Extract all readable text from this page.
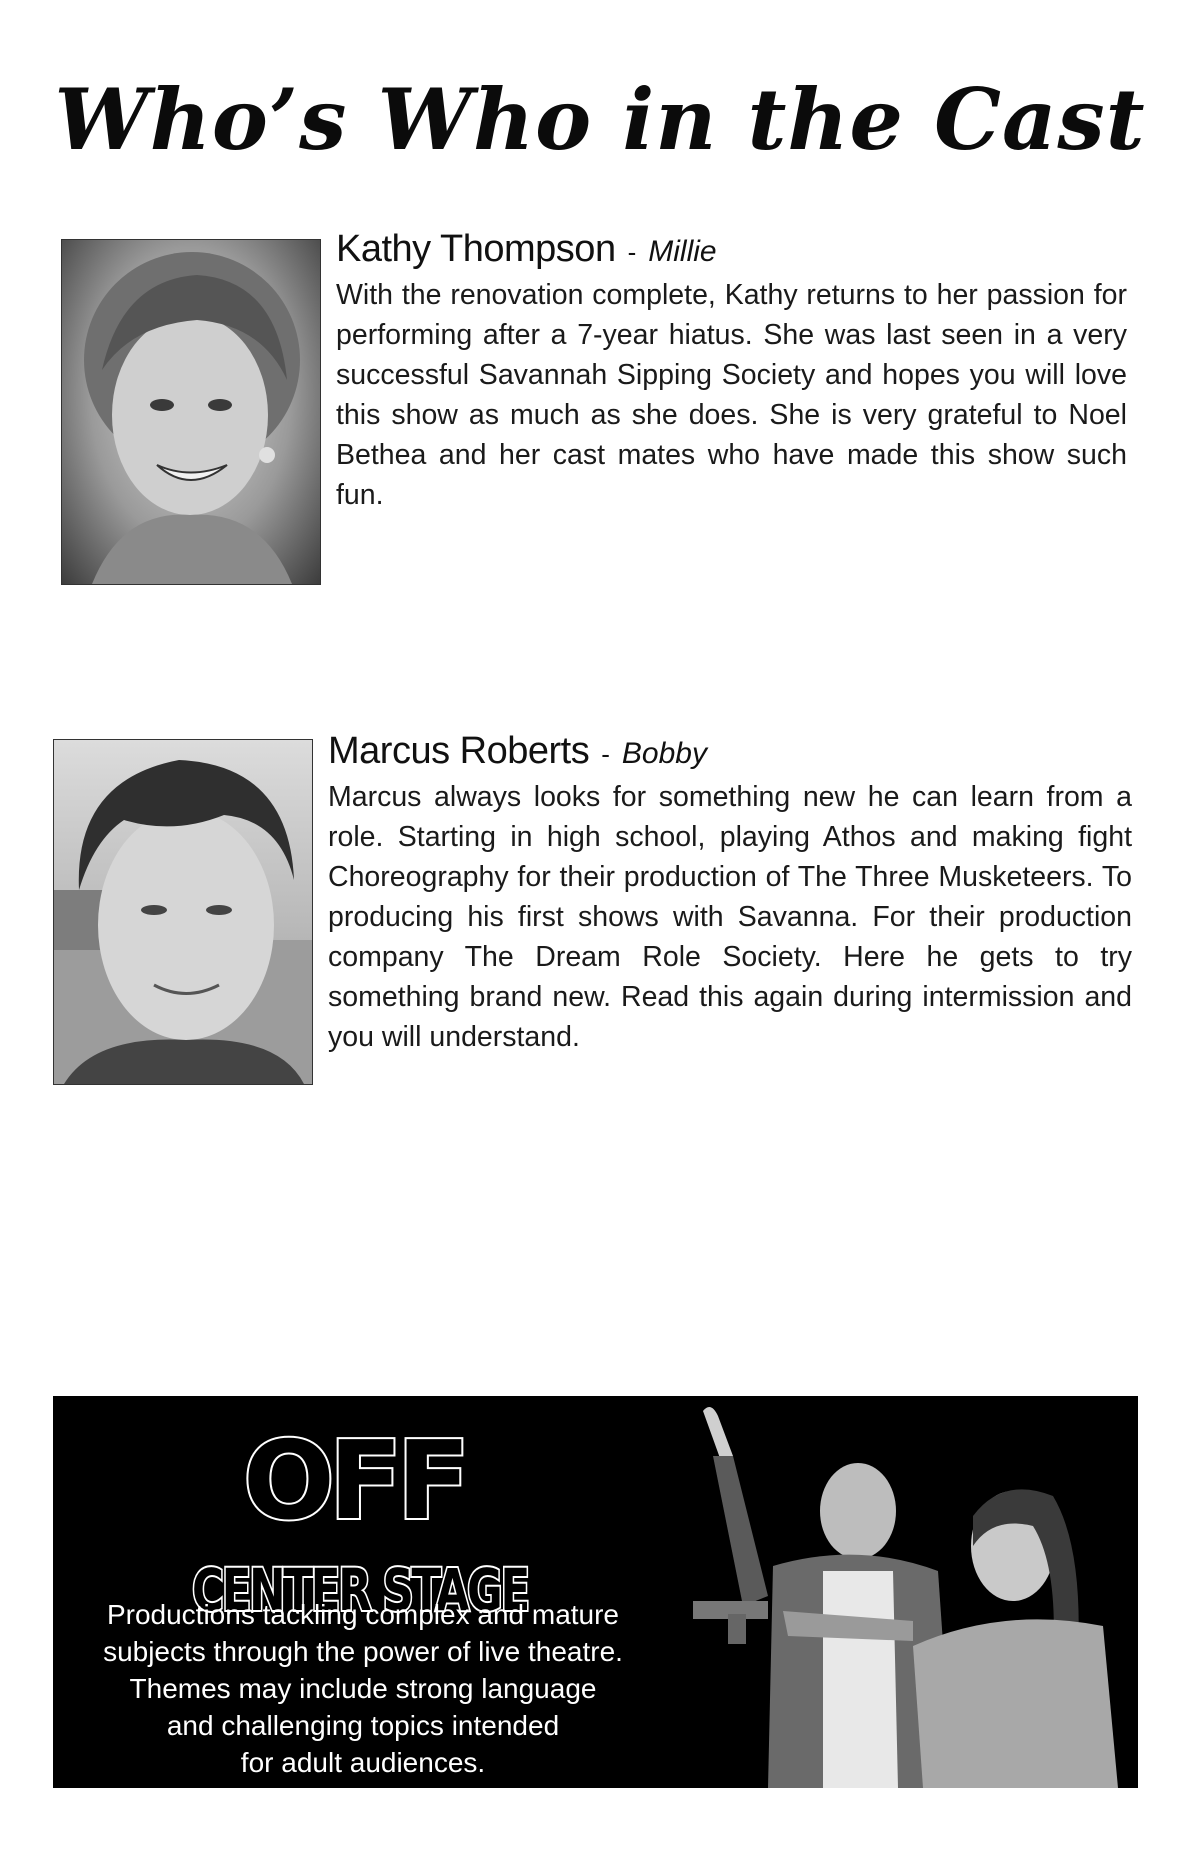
Who’s Who in the Cast
Kathy Thompson - Millie

With the renovation complete, Kathy returns to her passion for performing after a 7-year hiatus. She was last seen in a very successful Savannah Sipping Society and hopes you will love this show as much as she does. She is very grateful to Noel Bethea and her cast mates who have made this show such fun.

Marcus Roberts - Bobby

Marcus always looks for something new he can learn from a role. Starting in high school, playing Athos and making fight Choreography for their production of The Three Musketeers. To producing his first shows with Savanna. For their production company The Dream Role Society. Here he gets to try something brand new. Read this again during intermission and you will understand.

OFF
CENTER STAGE
Productions tackling complex and mature
subjects through the power of live theatre.
Themes may include strong language
and challenging topics intended
for adult audiences.
